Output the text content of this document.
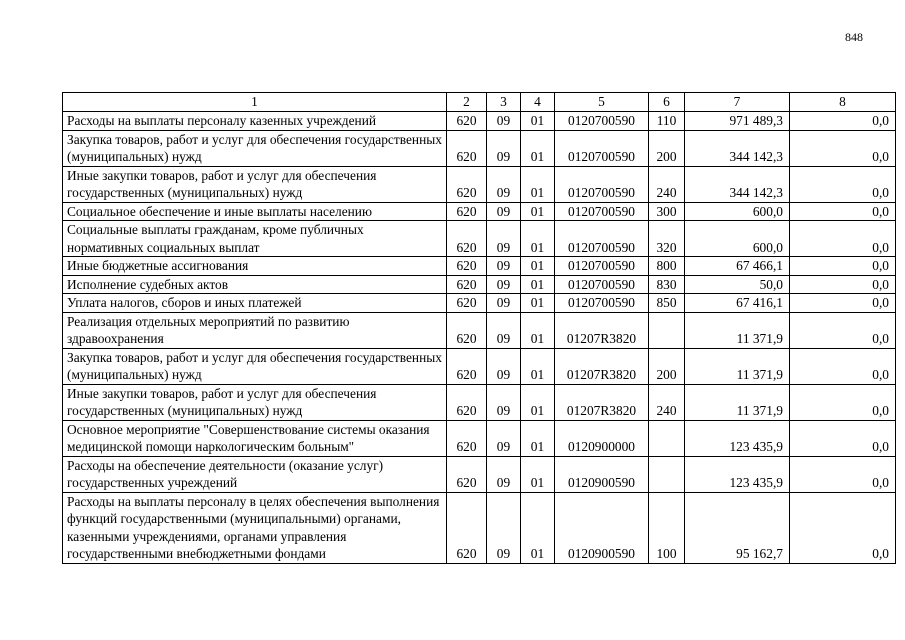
848
1	2	3	4	5	6	7	8
Расходы на выплаты персоналу казенных учреждений	620	09	01	0120700590	110	971 489,3	0,0
Закупка товаров, работ и услуг для обеспечения государственных (муниципальных) нужд	620	09	01	0120700590	200	344 142,3	0,0
Иные закупки товаров, работ и услуг для обеспечения государственных (муниципальных) нужд	620	09	01	0120700590	240	344 142,3	0,0
Социальное обеспечение и иные выплаты населению	620	09	01	0120700590	300	600,0	0,0
Социальные выплаты гражданам, кроме публичных нормативных социальных выплат	620	09	01	0120700590	320	600,0	0,0
Иные бюджетные ассигнования	620	09	01	0120700590	800	67 466,1	0,0
Исполнение судебных актов	620	09	01	0120700590	830	50,0	0,0
Уплата налогов, сборов и иных платежей	620	09	01	0120700590	850	67 416,1	0,0
Реализация отдельных мероприятий по развитию здравоохранения	620	09	01	01207R3820		11 371,9	0,0
Закупка товаров, работ и услуг для обеспечения государственных (муниципальных) нужд	620	09	01	01207R3820	200	11 371,9	0,0
Иные закупки товаров, работ и услуг для обеспечения государственных (муниципальных) нужд	620	09	01	01207R3820	240	11 371,9	0,0
Основное мероприятие "Совершенствование системы оказания медицинской помощи наркологическим больным"	620	09	01	0120900000		123 435,9	0,0
Расходы на обеспечение деятельности (оказание услуг) государственных учреждений	620	09	01	0120900590		123 435,9	0,0
Расходы на выплаты персоналу в целях обеспечения выполнения функций государственными (муниципальными) органами, казенными учреждениями, органами управления государственными внебюджетными фондами	620	09	01	0120900590	100	95 162,7	0,0
